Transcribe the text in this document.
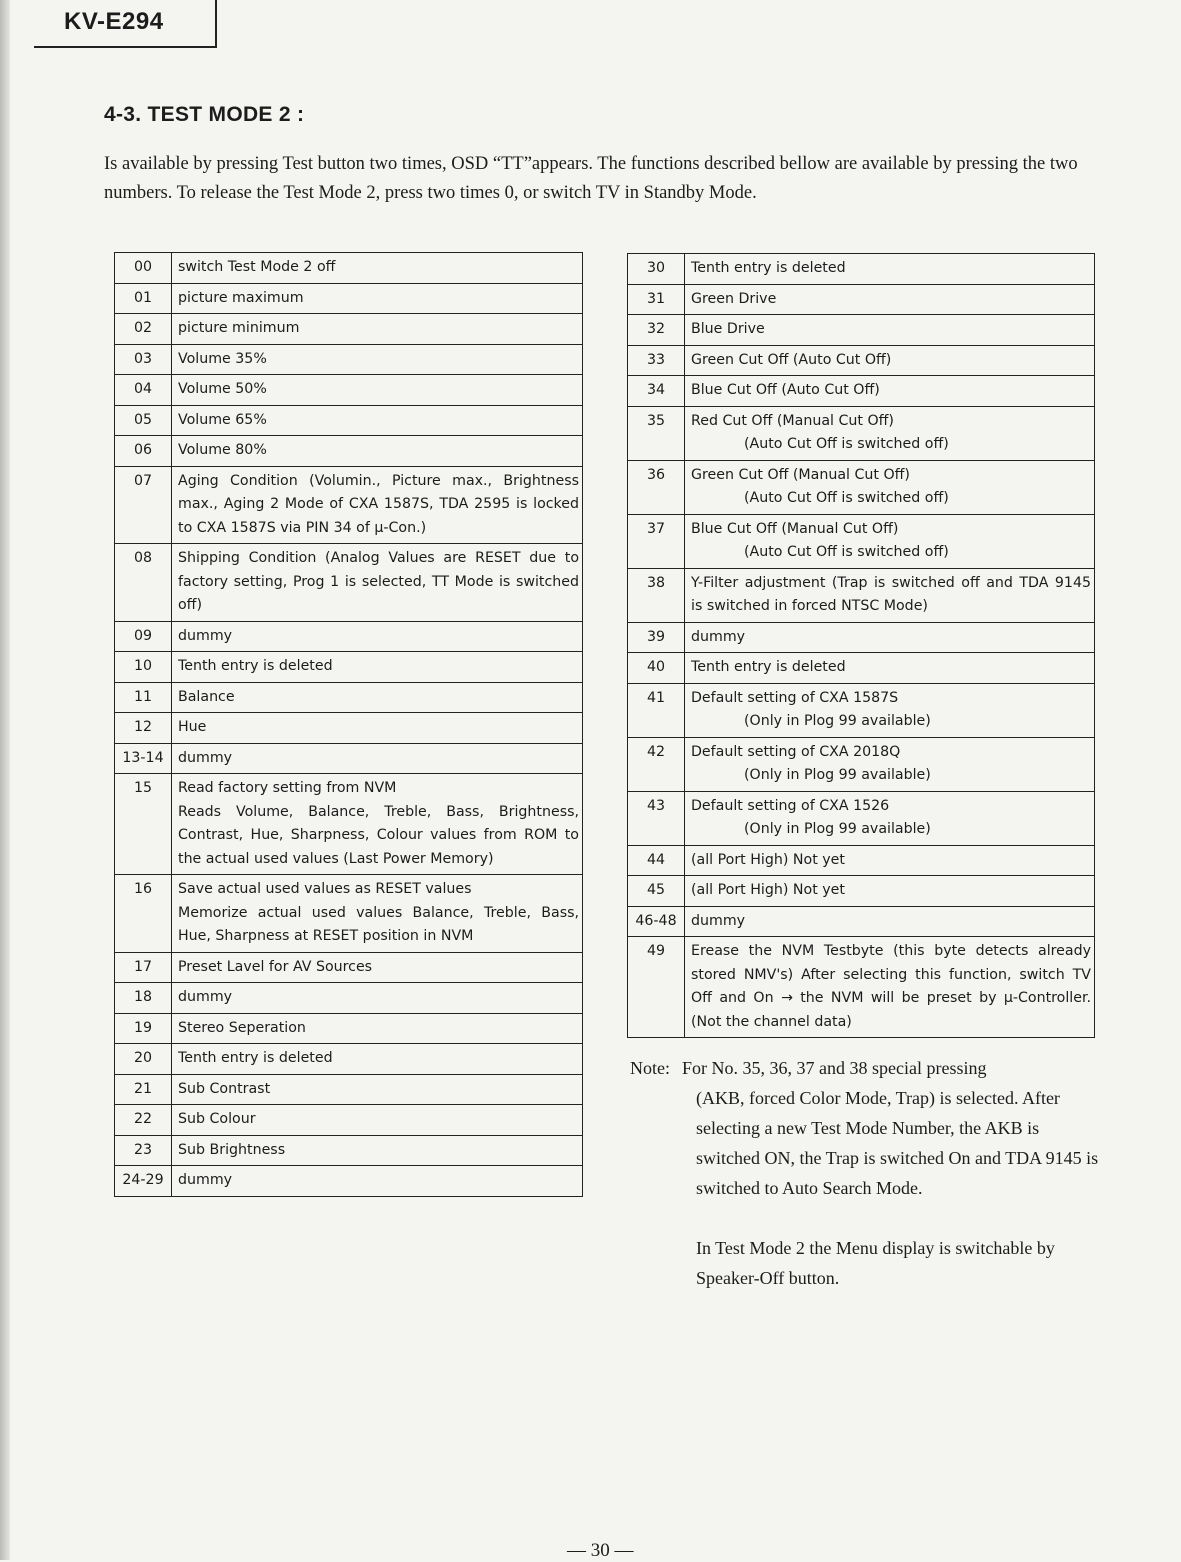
KV-E294
4-3. TEST MODE 2 :
Is available by pressing Test button two times, OSD “TT”appears. The functions described bellow are available by pressing the two numbers. To release the Test Mode 2, press two times 0, or switch TV in Standby Mode.
00	switch Test Mode 2 off

01	picture maximum

02	picture minimum

03	Volume 35%

04	Volume 50%

05	Volume 65%

06	Volume 80%

07	Aging Condition (Volumin., Picture max., Brightness max., Aging 2 Mode of CXA 1587S, TDA 2595 is locked to CXA 1587S via PIN 34 of µ-Con.)

08	Shipping Condition (Analog Values are RESET due to factory setting, Prog 1 is selected, TT Mode is switched off)

09	dummy

10	Tenth entry is deleted

11	Balance

12	Hue

13-14	dummy

15	Read factory setting from NVM
Reads Volume, Balance, Treble, Bass, Brightness, Contrast, Hue, Sharpness, Colour values from ROM to the actual used values (Last Power Memory)

16	Save actual used values as RESET values
Memorize actual used values Balance, Treble, Bass, Hue, Sharpness at RESET position in NVM

17	Preset Lavel for AV Sources

18	dummy

19	Stereo Seperation

20	Tenth entry is deleted

21	Sub Contrast

22	Sub Colour

23	Sub Brightness

24-29	dummy
30	Tenth entry is deleted

31	Green Drive

32	Blue Drive

33	Green Cut Off (Auto Cut Off)

34	Blue Cut Off (Auto Cut Off)

35	Red Cut Off (Manual Cut Off)
(Auto Cut Off is switched off)

36	Green Cut Off (Manual Cut Off)
(Auto Cut Off is switched off)

37	Blue Cut Off (Manual Cut Off)
(Auto Cut Off is switched off)

38	Y-Filter adjustment (Trap is switched off and TDA 9145 is switched in forced NTSC Mode)

39	dummy

40	Tenth entry is deleted

41	Default setting of CXA 1587S
(Only in Plog 99 available)

42	Default setting of CXA 2018Q
(Only in Plog 99 available)

43	Default setting of CXA 1526
(Only in Plog 99 available)

44	(all Port High) Not yet

45	(all Port High) Not yet

46-48	dummy

49	Erease the NVM Testbyte (this byte detects already stored NMV's) After selecting this function, switch TV Off and On → the NVM will be preset by µ-Controller. (Not the channel data)
Note: For No. 35, 36, 37 and 38 special pressing
(AKB, forced Color Mode, Trap) is selected. After selecting a new Test Mode Number, the AKB is switched ON, the Trap is switched On and TDA 9145 is switched to Auto Search Mode.

In Test Mode 2 the Menu display is switchable by Speaker-Off button.

— 30 —
